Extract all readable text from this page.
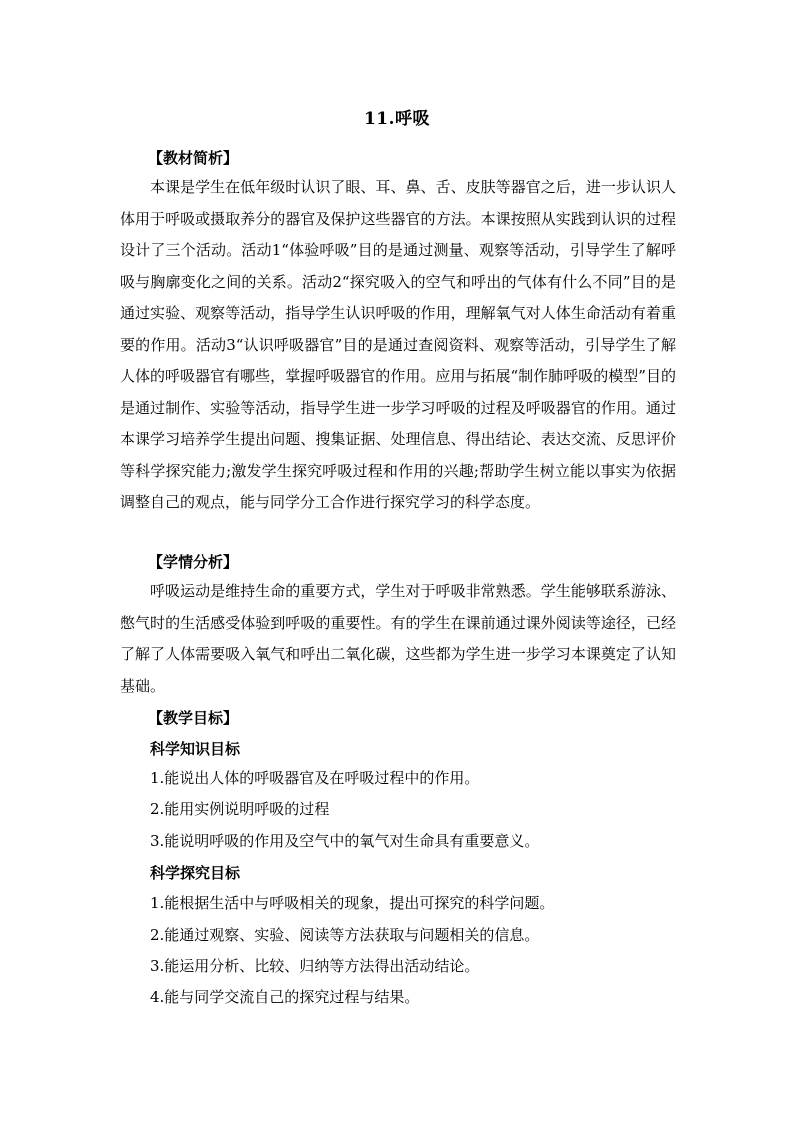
11.呼吸
【教材简析】
本课是学生在低年级时认识了眼、耳、鼻、舌、皮肤等器官之后，进一步认识人体用于呼吸或摄取养分的器官及保护这些器官的方法。本课按照从实践到认识的过程设计了三个活动。活动1“体验呼吸”目的是通过测量、观察等活动，引导学生了解呼吸与胸廓变化之间的关系。活动2“探究吸入的空气和呼出的气体有什么不同”目的是通过实验、观察等活动，指导学生认识呼吸的作用，理解氧气对人体生命活动有着重要的作用。活动3“认识呼吸器官”目的是通过查阅资料、观察等活动，引导学生了解人体的呼吸器官有哪些，掌握呼吸器官的作用。应用与拓展“制作肺呼吸的模型”目的是通过制作、实验等活动，指导学生进一步学习呼吸的过程及呼吸器官的作用。通过本课学习培养学生提出问题、搜集证据、处理信息、得出结论、表达交流、反思评价等科学探究能力;激发学生探究呼吸过程和作用的兴趣;帮助学生树立能以事实为依据调整自己的观点，能与同学分工合作进行探究学习的科学态度。
【学情分析】
呼吸运动是维持生命的重要方式，学生对于呼吸非常熟悉。学生能够联系游泳、憋气时的生活感受体验到呼吸的重要性。有的学生在课前通过课外阅读等途径，已经了解了人体需要吸入氧气和呼出二氧化碳，这些都为学生进一步学习本课奠定了认知基础。
【教学目标】
科学知识目标
1.能说出人体的呼吸器官及在呼吸过程中的作用。
2.能用实例说明呼吸的过程
3.能说明呼吸的作用及空气中的氧气对生命具有重要意义。
科学探究目标
1.能根据生活中与呼吸相关的现象，提出可探究的科学问题。
2.能通过观察、实验、阅读等方法获取与问题相关的信息。
3.能运用分析、比较、归纳等方法得出活动结论。
4.能与同学交流自己的探究过程与结果。
